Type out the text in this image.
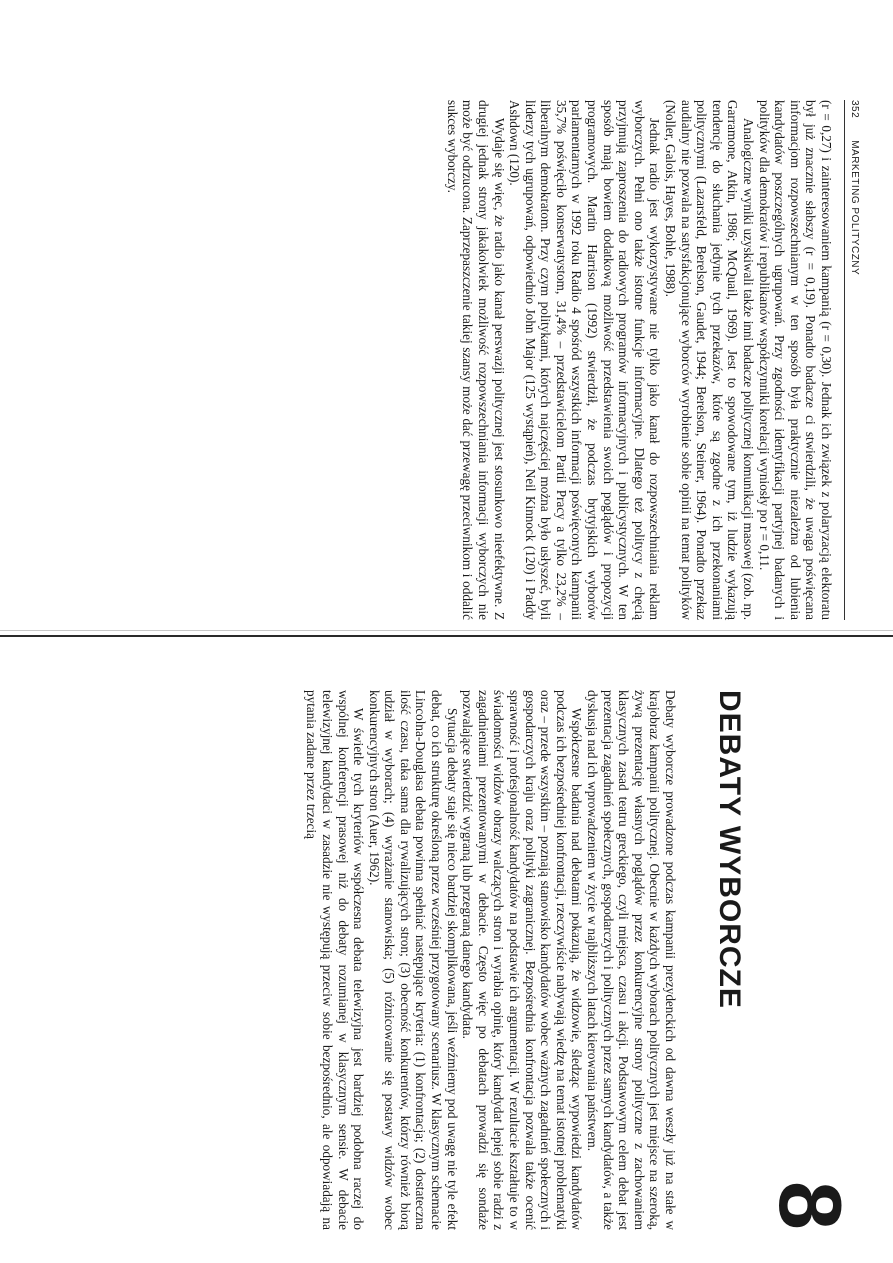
352
MARKETING POLITYCZNY

(r = 0,27) i zainteresowaniem kampanią (r = 0,30). Jednak ich związek z polaryzacją elektoratu był już znacznie słabszy (r = 0,19). Ponadto badacze ci stwierdzili, że uwaga poświęcana informacjom rozpowszechnianym w ten sposób była praktycznie niezależna od lubienia kandydatów poszczególnych ugrupowań. Przy zgodności identyfikacji partyjnej badanych i polityków dla demokratów i republikanów współczynniki korelacji wyniosły po r = 0,11.

Analogiczne wyniki uzyskiwali także inni badacze politycznej komunikacji masowej (zob. np. Garramone, Atkin, 1986; McQuail, 1969). Jest to spowodowane tym, iż ludzie wykazują tendencję do słuchania jedynie tych przekazów, które są zgodne z ich przekonaniami politycznymi (Lazarsfeld, Berelson, Gaudet, 1944; Berelson, Steiner, 1964). Ponadto przekaz audialny nie pozwala na satysfakcjonujące wyborców wyrobienie sobie opinii na temat polityków (Noller, Galois, Hayes, Bohle, 1988).

Jednak radio jest wykorzystywane nie tylko jako kanał do rozpowszechniania reklam wyborczych. Pełni ono także istotne funkcje informacyjne. Dlatego też politycy z chęcią przyjmują zaproszenia do radiowych programów informacyjnych i publicystycznych. W ten sposób mają bowiem dodatkową możliwość przedstawienia swoich poglądów i propozycji programowych. Martin Harrison (1992) stwierdził, że podczas brytyjskich wyborów parlamentarnych w 1992 roku Radio 4 spośród wszystkich informacji poświęconych kampanii 35,7% poświęciło konserwatystom, 31,4% – przedstawicielom Partii Pracy a tylko 23,2% – liberalnym demokratom. Przy czym politykami, których najczęściej można było usłyszeć, byli liderzy tych ugrupowań, odpowiednio John Major (125 wystąpień), Neil Kinnock (120) i Paddy Ashdown (120).

Wydaje się więc, że radio jako kanał perswazji politycznej jest stosunkowo nieefektywne. Z drugiej jednak strony jakakolwiek możliwość rozpowszechniania informacji wyborczych nie może być odrzucona. Zaprzepaszczenie takiej szansy może dać przewagę przeciwnikom i oddalić sukces wyborczy.

8
DEBATY WYBORCZE

Debaty wyborcze prowadzone podczas kampanii prezydenckich od dawna weszły już na stałe w krajobraz kampanii politycznej. Obecnie w każdych wyborach politycznych jest miejsce na szeroką, żywą prezentację własnych poglądów przez konkurencyjne strony polityczne z zachowaniem klasycznych zasad teatru greckiego, czyli miejsca, czasu i akcji. Podstawowym celem debat jest prezentacja zagadnień społecznych, gospodarczych i politycznych przez samych kandydatów, a także dyskusja nad ich wprowadzeniem w życie w najbliższych latach kierowania państwem.

Współczesne badania nad debatami pokazują, że widzowie, śledząc wypowiedzi kandydatów podczas ich bezpośredniej konfrontacji, rzeczywiście nabywają wiedzę na temat istotnej problematyki oraz – przede wszystkim – poznają stanowisko kandydatów wobec ważnych zagadnień społecznych i gospodarczych kraju oraz polityki zagranicznej. Bezpośrednia konfrontacja pozwala także ocenić sprawność i profesjonalność kandydatów na podstawie ich argumentacji. W rezultacie kształtuje to w świadomości widzów obrazy walczących stron i wyrabia opinię, który kandydat lepiej sobie radzi z zagadnieniami prezentowanymi w debacie. Często więc po debatach prowadzi się sondaże pozwalające stwierdzić wygraną lub przegraną danego kandydata.

Sytuacja debaty staje się nieco bardziej skomplikowana, jeśli weźmiemy pod uwagę nie tyle efekt debat, co ich strukturę określoną przez wcześniej przygotowany scenariusz. W klasycznym schemacie Lincolna-Douglasa debata powinna spełniać następujące kryteria: (1) konfrontacja; (2) dostateczna ilość czasu, taka sama dla rywalizujących stron; (3) obecność konkurentów, którzy również biorą udział w wyborach; (4) wyrażanie stanowiska; (5) różnicowanie się postawy widzów wobec konkurencyjnych stron (Auer, 1962).

W świetle tych kryteriów współczesna debata telewizyjna jest bardziej podobna raczej do wspólnej konferencji prasowej niż do debaty rozumianej w klasycznym sensie. W debacie telewizyjnej kandydaci w zasadzie nie występują przeciw sobie bezpośrednio, ale odpowiadają na pytania zadane przez trzecią
